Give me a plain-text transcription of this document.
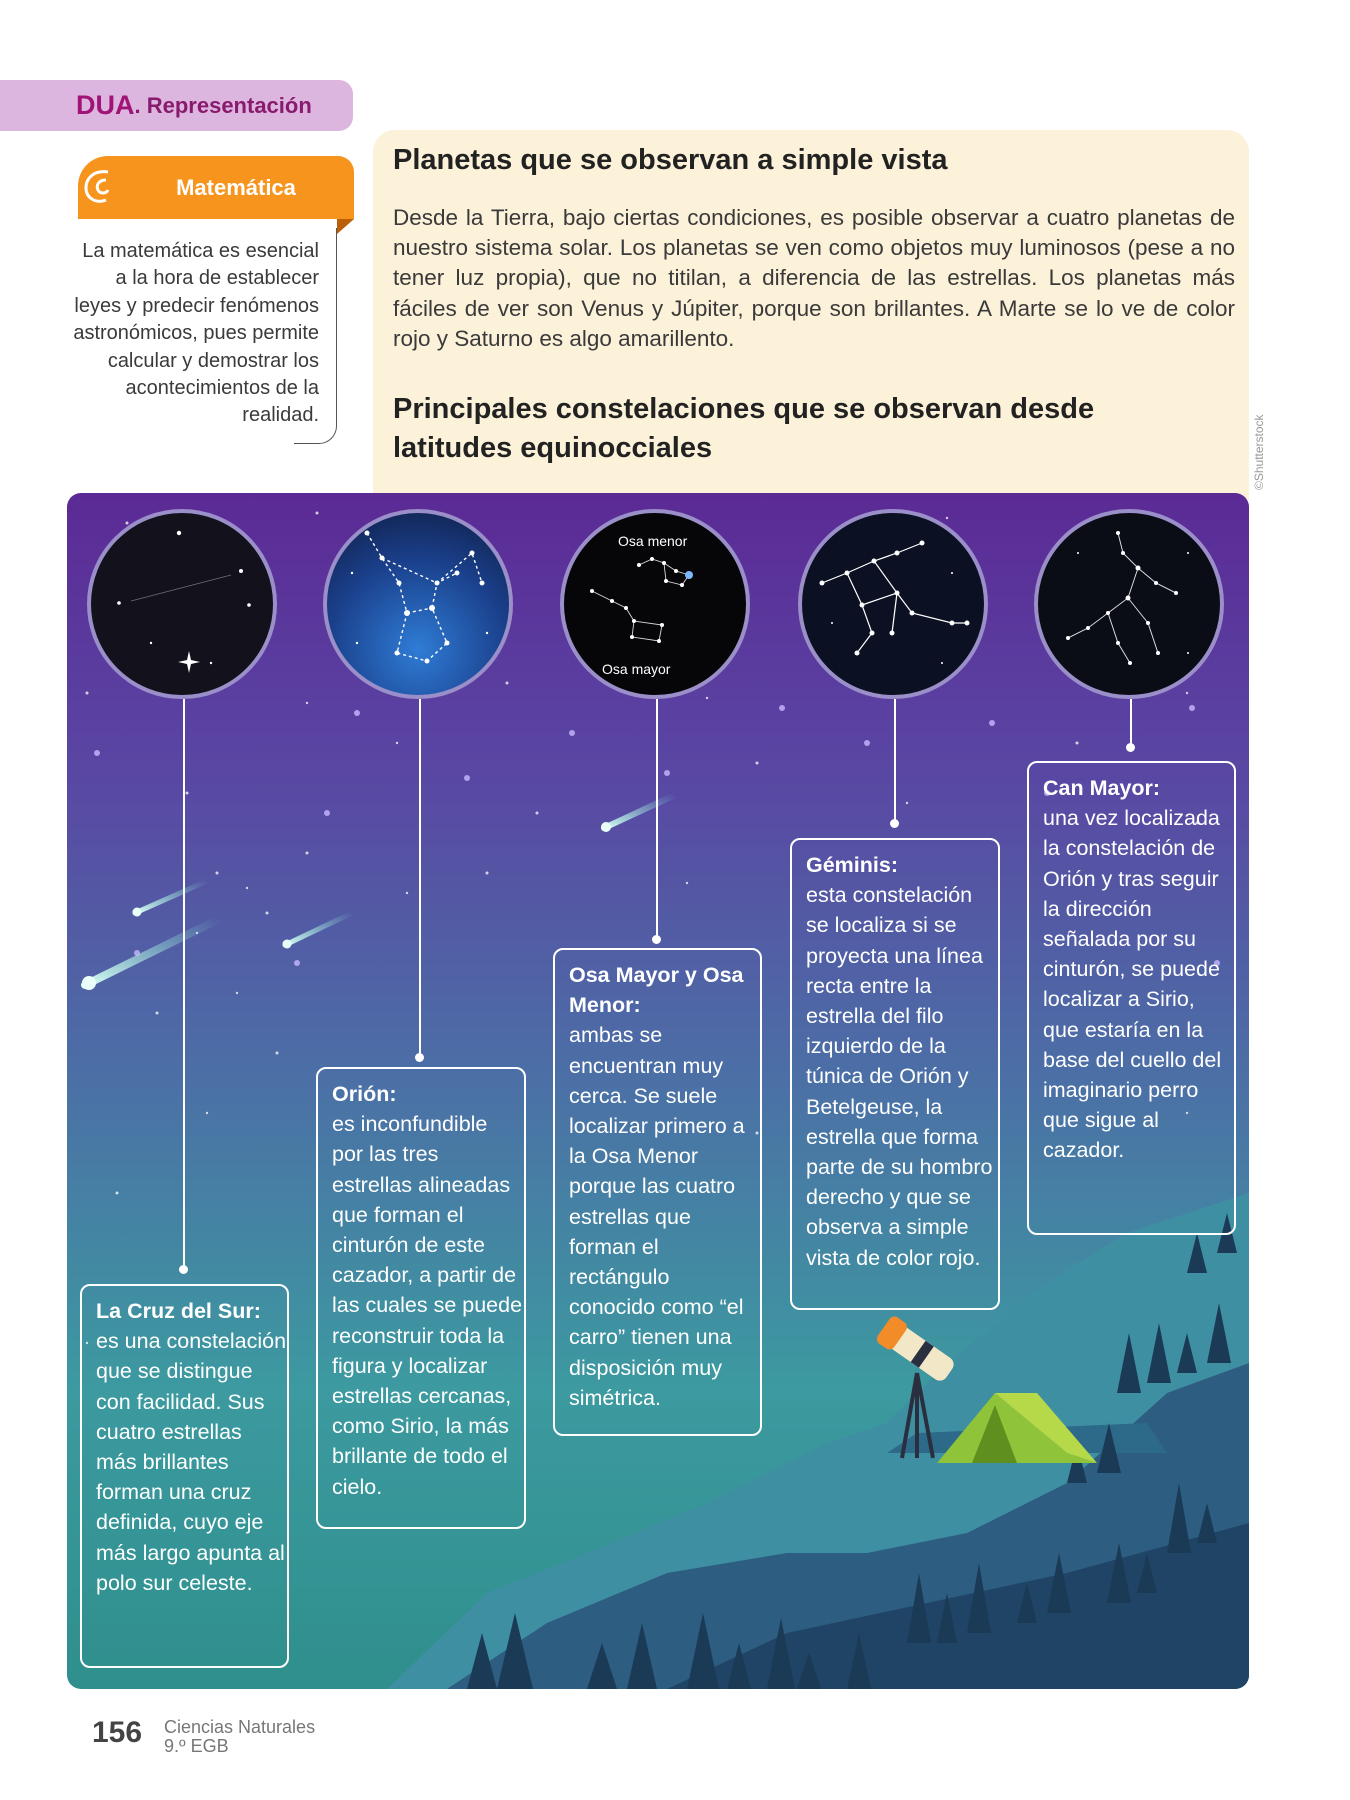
DUA . Representación
Matemática
La matemática es esencial a la hora de establecer leyes y predecir fenómenos astronómicos, pues permite calcular y demostrar los acontecimientos de la realidad.
Planetas que se observan a simple vista
Desde la Tierra, bajo ciertas condiciones, es posible observar a cuatro planetas de nuestro sistema solar. Los planetas se ven como objetos muy luminosos (pese a no tener luz propia), que no titilan, a diferencia de las estrellas. Los planetas más fáciles de ver son Venus y Júpiter, porque son brillantes. A Marte se lo ve de color rojo y Saturno es algo amarillento.
Principales constelaciones que se observan desde latitudes equinocciales	©Shutterstock
Osa menor
Osa mayor
La Cruz del Sur:
es una constelación que se distingue con facilidad. Sus cuatro estrellas más brillantes forman una cruz definida, cuyo eje más largo apunta al polo sur celeste.
Orión:
es inconfundible por las tres estrellas alineadas que forman el cinturón de este cazador, a partir de las cuales se puede reconstruir toda la figura y localizar estrellas cercanas, como Sirio, la más brillante de todo el cielo.
Osa Mayor y Osa Menor:
ambas se encuentran muy cerca. Se suele localizar primero a la Osa Menor porque las cuatro estrellas que forman el rectángulo conocido como “el carro” tienen una disposición muy simétrica.
Géminis:
esta constelación se localiza si se proyecta una línea recta entre la estrella del filo izquierdo de la túnica de Orión y Betelgeuse, la estrella que forma parte de su hombro derecho y que se observa a simple vista de color rojo.
Can Mayor:
una vez localizada la constelación de Orión y tras seguir la dirección señalada por su cinturón, se puede localizar a Sirio, que estaría en la base del cuello del imaginario perro que sigue al cazador.
156 Ciencias Naturales
9.º EGB
